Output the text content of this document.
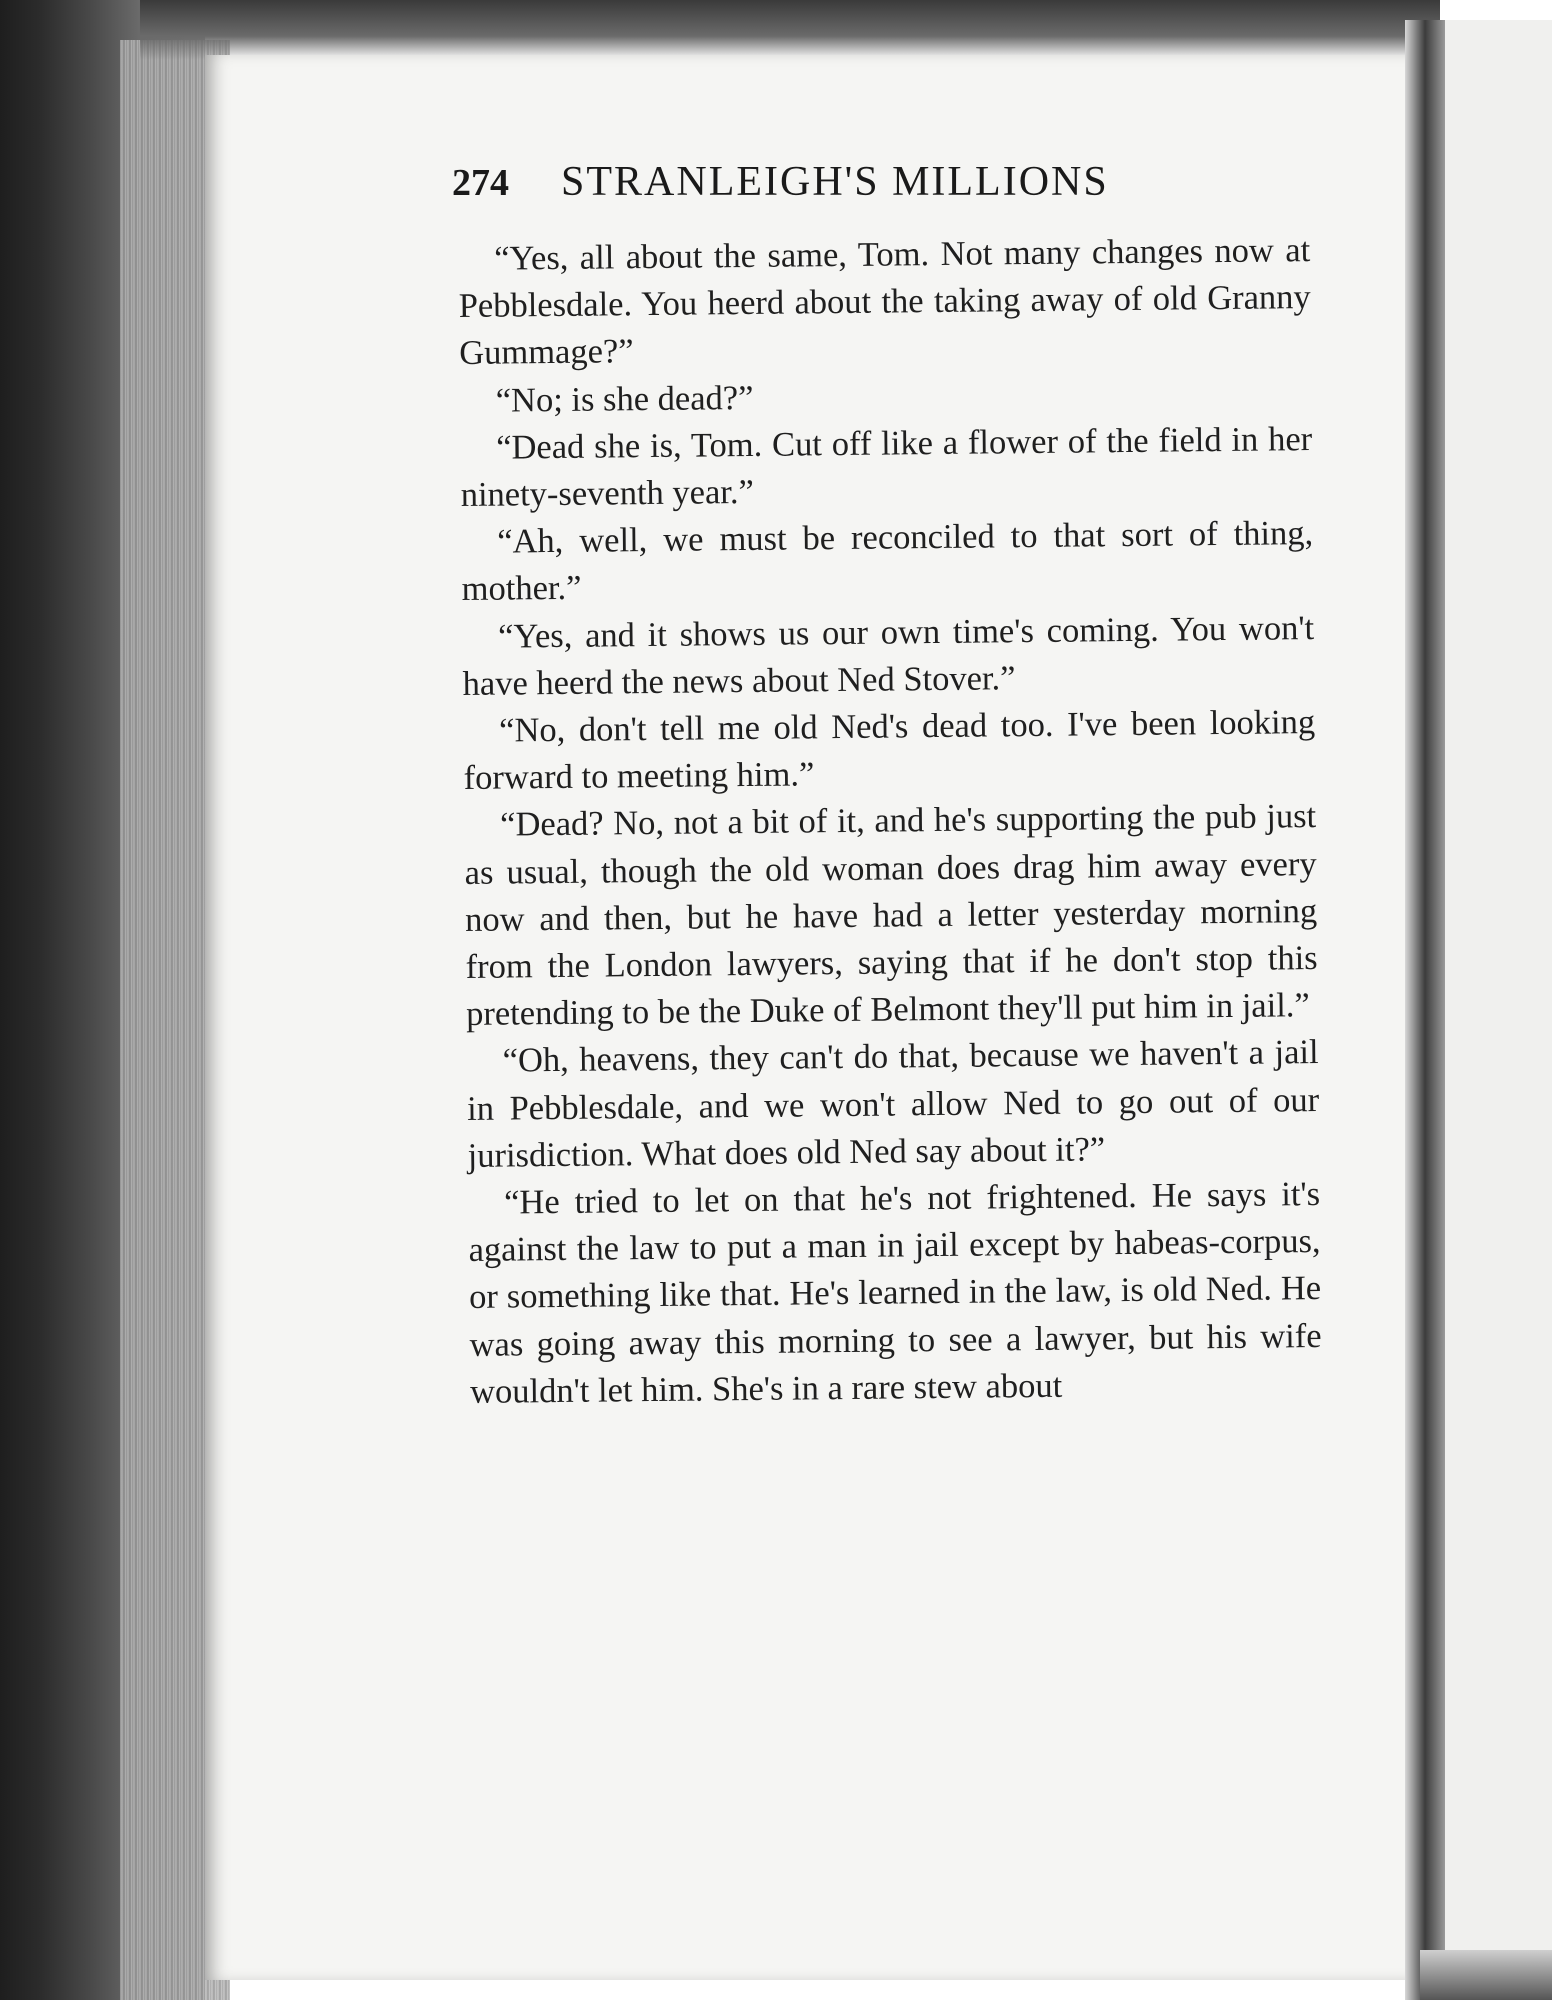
274 STRANLEIGH'S MILLIONS

“Yes, all about the same, Tom. Not many changes now at Pebblesdale. You heerd about the taking away of old Granny Gummage?”

“No; is she dead?”

“Dead she is, Tom. Cut off like a flower of the field in her ninety-seventh year.”

“Ah, well, we must be reconciled to that sort of thing, mother.”

“Yes, and it shows us our own time's coming. You won't have heerd the news about Ned Stover.”

“No, don't tell me old Ned's dead too. I've been looking forward to meeting him.”

“Dead? No, not a bit of it, and he's supporting the pub just as usual, though the old woman does drag him away every now and then, but he have had a letter yesterday morning from the London lawyers, saying that if he don't stop this pretending to be the Duke of Belmont they'll put him in jail.”

“Oh, heavens, they can't do that, because we haven't a jail in Pebblesdale, and we won't allow Ned to go out of our jurisdiction. What does old Ned say about it?”

“He tried to let on that he's not frightened. He says it's against the law to put a man in jail except by habeas-corpus, or something like that. He's learned in the law, is old Ned. He was going away this morning to see a lawyer, but his wife wouldn't let him. She's in a rare stew about
